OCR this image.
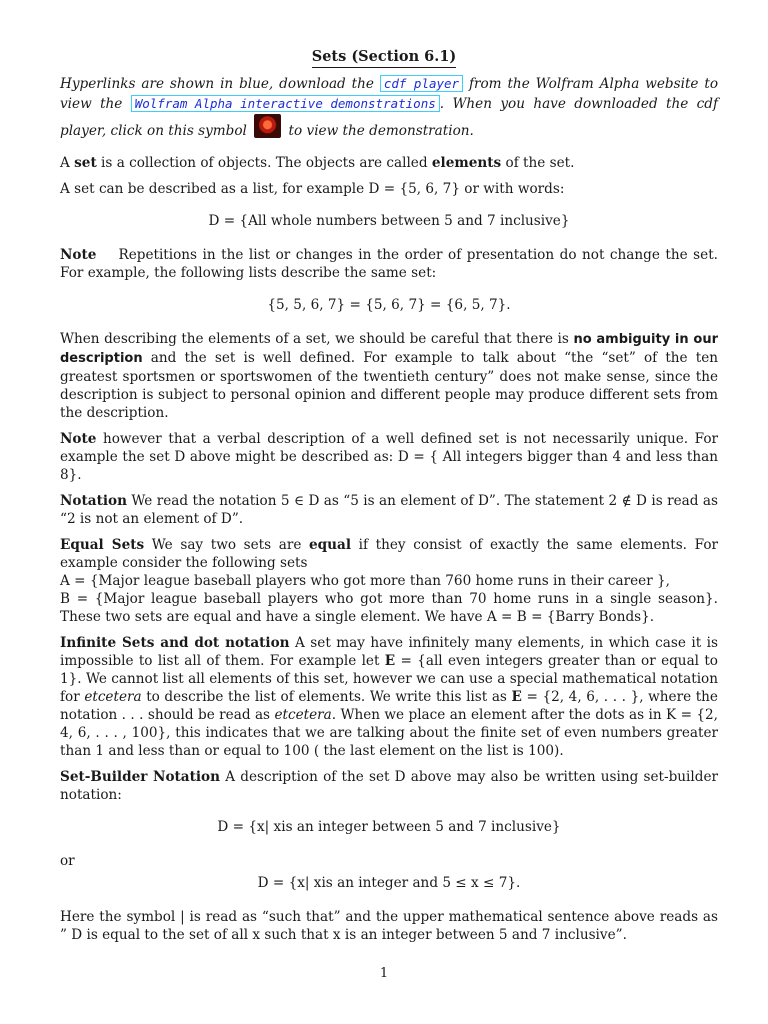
Sets (Section 6.1)

Hyperlinks are shown in blue, download the cdf player from the Wolfram Alpha website to view the Wolfram Alpha interactive demonstrations . When you have downloaded the cdf player, click on this symbol  to view the demonstration.

A set is a collection of objects. The objects are called elements of the set.

A set can be described as a list, for example D = {5, 6, 7} or with words:

D = {All whole numbers between 5 and 7 inclusive}

Note Repetitions in the list or changes in the order of presentation do not change the set. For example, the following lists describe the same set:

{5, 5, 6, 7} = {5, 6, 7} = {6, 5, 7}.

When describing the elements of a set, we should be careful that there is no ambiguity in our description and the set is well defined. For example to talk about “the “set” of the ten greatest sportsmen or sportswomen of the twentieth century” does not make sense, since the description is subject to personal opinion and different people may produce different sets from the description.

Note however that a verbal description of a well defined set is not necessarily unique. For example the set D above might be described as: D = { All integers bigger than 4 and less than 8}.

Notation We read the notation 5 ∈ D as “5 is an element of D”. The statement 2 ∉ D is read as “2 is not an element of D”.

Equal Sets We say two sets are equal if they consist of exactly the same elements. For example consider the following sets
A = {Major league baseball players who got more than 760 home runs in their career },
B = {Major league baseball players who got more than 70 home runs in a single season}. These two sets are equal and have a single element. We have A = B = {Barry Bonds}.

Infinite Sets and dot notation A set may have infinitely many elements, in which case it is impossible to list all of them. For example let E = {all even integers greater than or equal to 1}. We cannot list all elements of this set, however we can use a special mathematical notation for etcetera to describe the list of elements. We write this list as E = {2, 4, 6, . . . }, where the notation . . . should be read as etcetera. When we place an element after the dots as in K = {2, 4, 6, . . . , 100}, this indicates that we are talking about the finite set of even numbers greater than 1 and less than or equal to 100 ( the last element on the list is 100).

Set-Builder Notation A description of the set D above may also be written using set-builder notation:

D = {x| xis an integer between 5 and 7 inclusive}

or

D = {x| xis an integer and 5 ≤ x ≤ 7}.

Here the symbol | is read as “such that” and the upper mathematical sentence above reads as ” D is equal to the set of all x such that x is an integer between 5 and 7 inclusive”.

1
